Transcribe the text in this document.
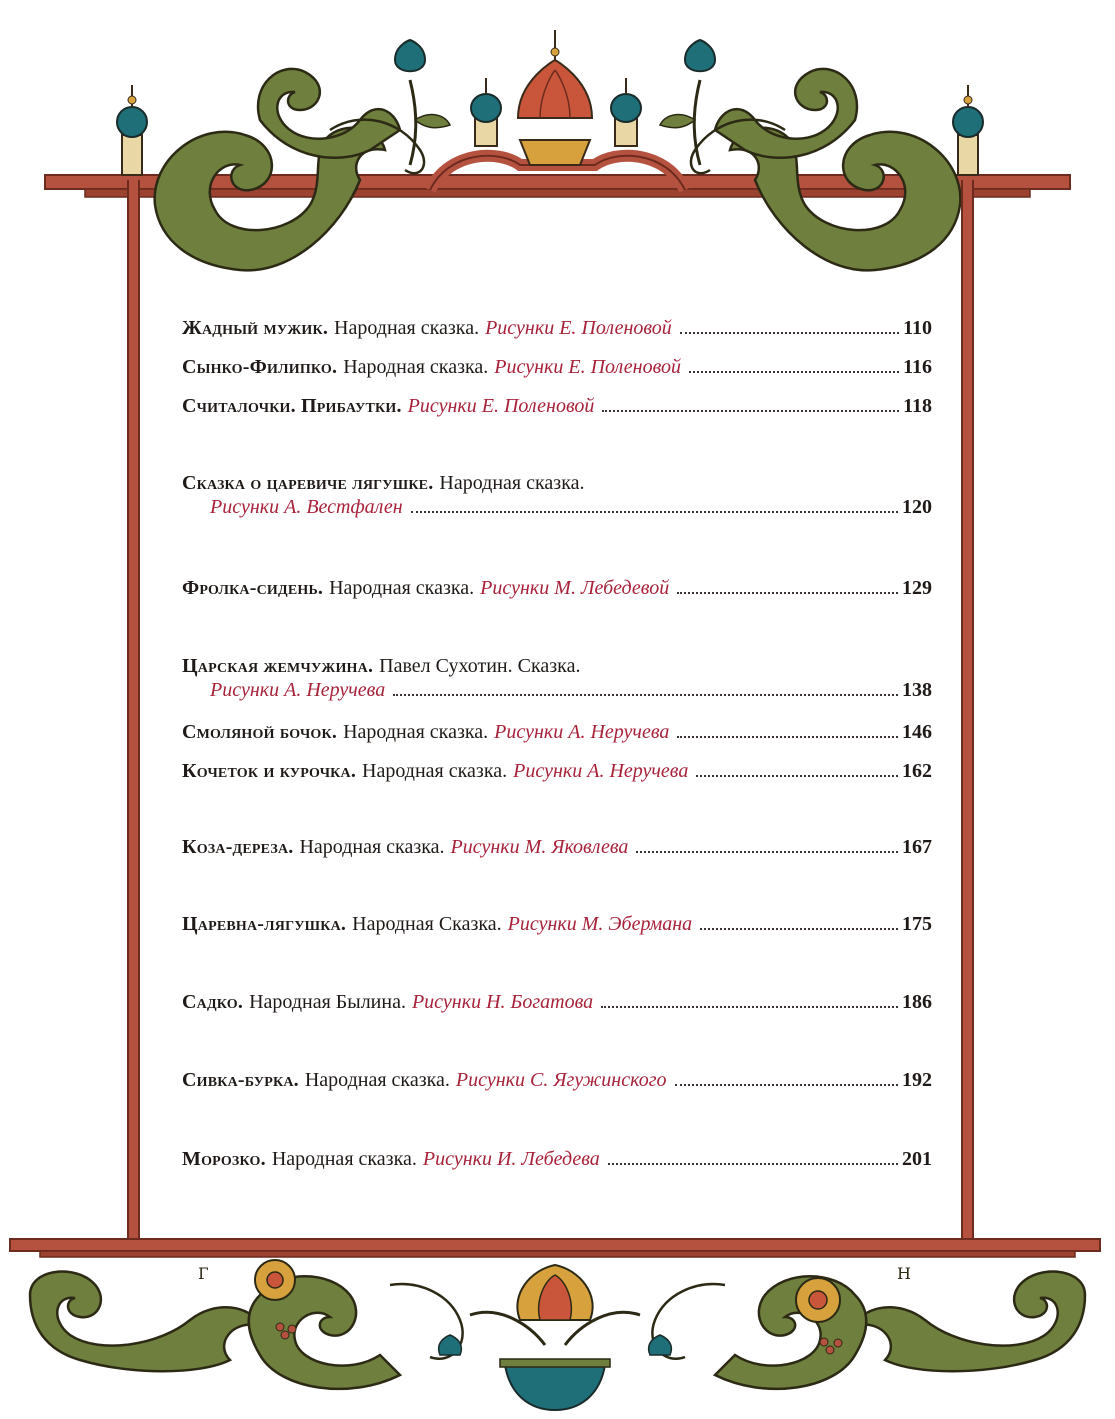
Жадный мужик. Народная сказка. Рисунки Е. Поленовой	110
Сынко-Филипко. Народная сказка. Рисунки Е. Поленовой	116
Считалочки. Прибаутки. Рисунки Е. Поленовой	118
Сказка о царевиче лягушке. Народная сказка.
Рисунки А. Вестфален	120
Фролка-сидень. Народная сказка. Рисунки М. Лебедевой	129
Царская жемчужина. Павел Сухотин. Сказка.
Рисунки А. Неручева	138
Смоляной бочок. Народная сказка. Рисунки А. Неручева	146
Кочеток и курочка. Народная сказка. Рисунки А. Неручева	162
Коза-дереза. Народная сказка. Рисунки М. Яковлева	167
Царевна-лягушка. Народная Сказка. Рисунки М. Эбермана	175
Садко. Народная Былина. Рисунки Н. Богатова	186
Сивка-бурка. Народная сказка. Рисунки С. Ягужинского	192
Морозко. Народная сказка. Рисунки И. Лебедева	201
Г	Н
